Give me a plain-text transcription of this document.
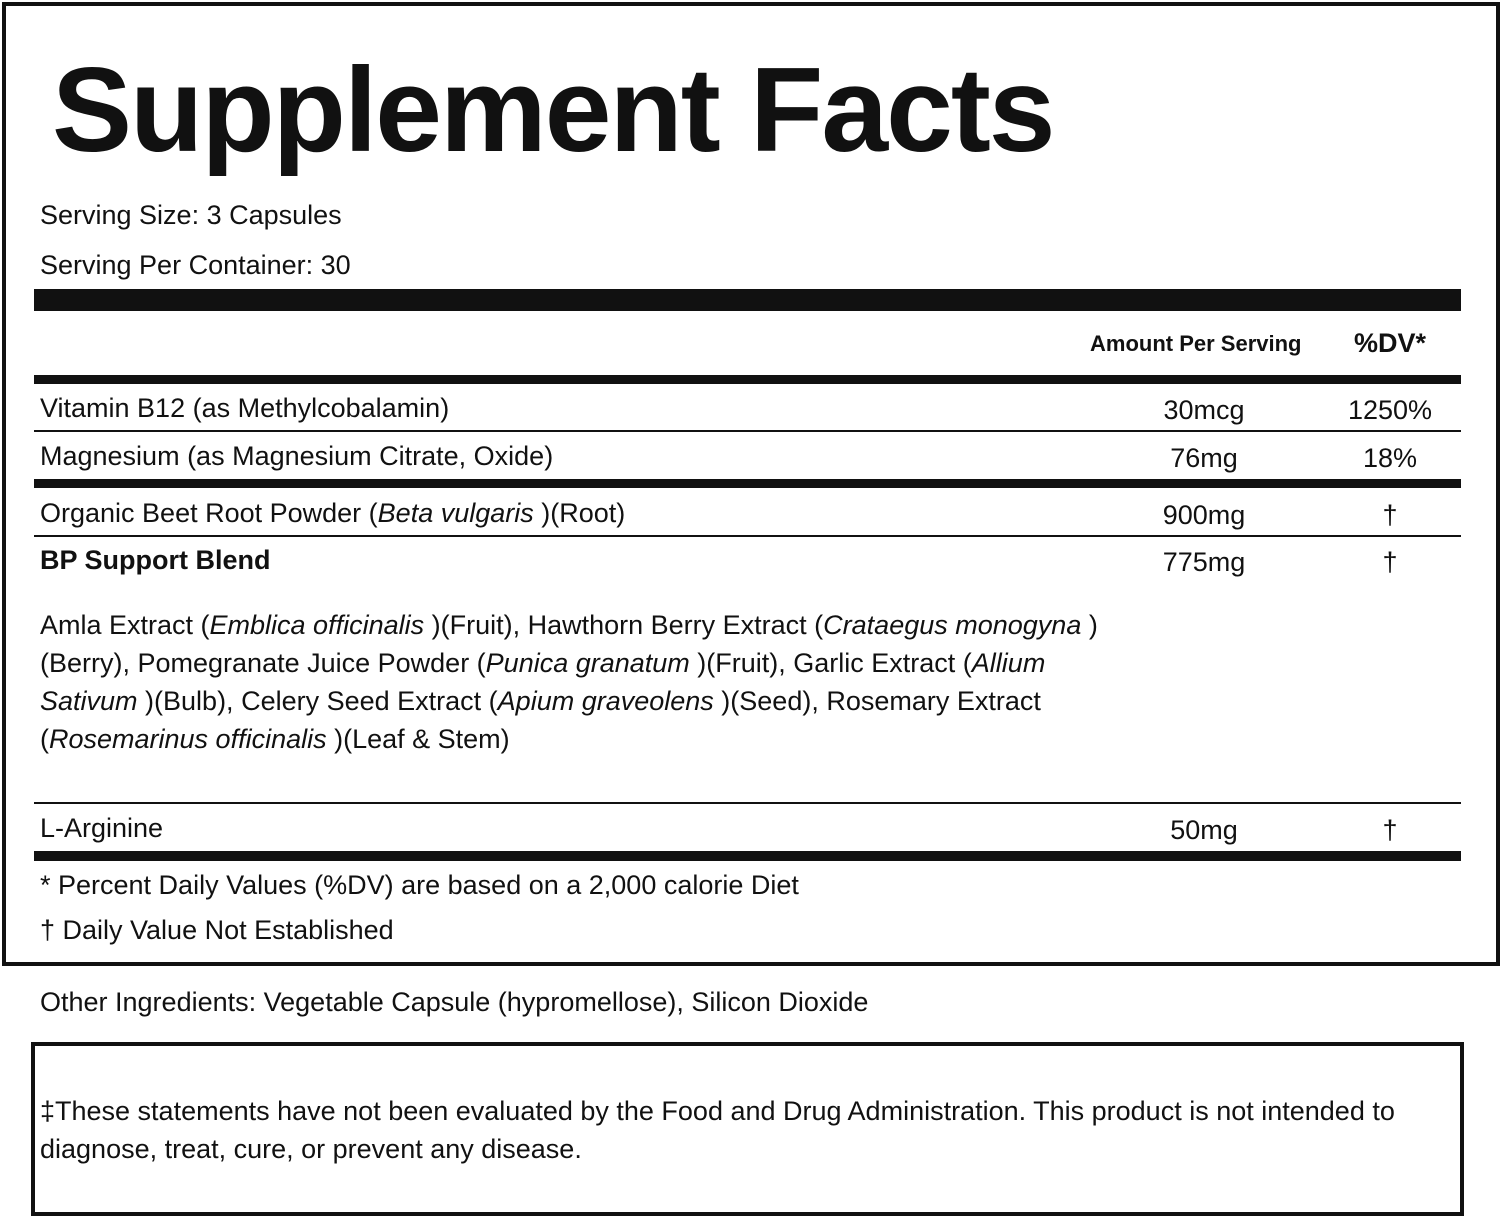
Supplement Facts
Serving Size: 3 Capsules
Serving Per Container: 30
Amount Per Serving %DV*
Vitamin B12 (as Methylcobalamin)	30mcg	1250%
Magnesium (as Magnesium Citrate, Oxide)	76mg	18%
Organic Beet Root Powder (Beta vulgaris )(Root)	900mg	†
BP Support Blend	775mg	†
Amla Extract (Emblica officinalis )(Fruit), Hawthorn Berry Extract (Crataegus monogyna )(Berry), Pomegranate Juice Powder (Punica granatum )(Fruit), Garlic Extract (Allium Sativum )(Bulb), Celery Seed Extract (Apium graveolens )(Seed), Rosemary Extract (Rosemarinus officinalis )(Leaf & Stem)
L-Arginine	50mg	†
* Percent Daily Values (%DV) are based on a 2,000 calorie Diet
† Daily Value Not Established
Other Ingredients: Vegetable Capsule (hypromellose), Silicon Dioxide
‡These statements have not been evaluated by the Food and Drug Administration. This product is not intended to diagnose, treat, cure, or prevent any disease.
